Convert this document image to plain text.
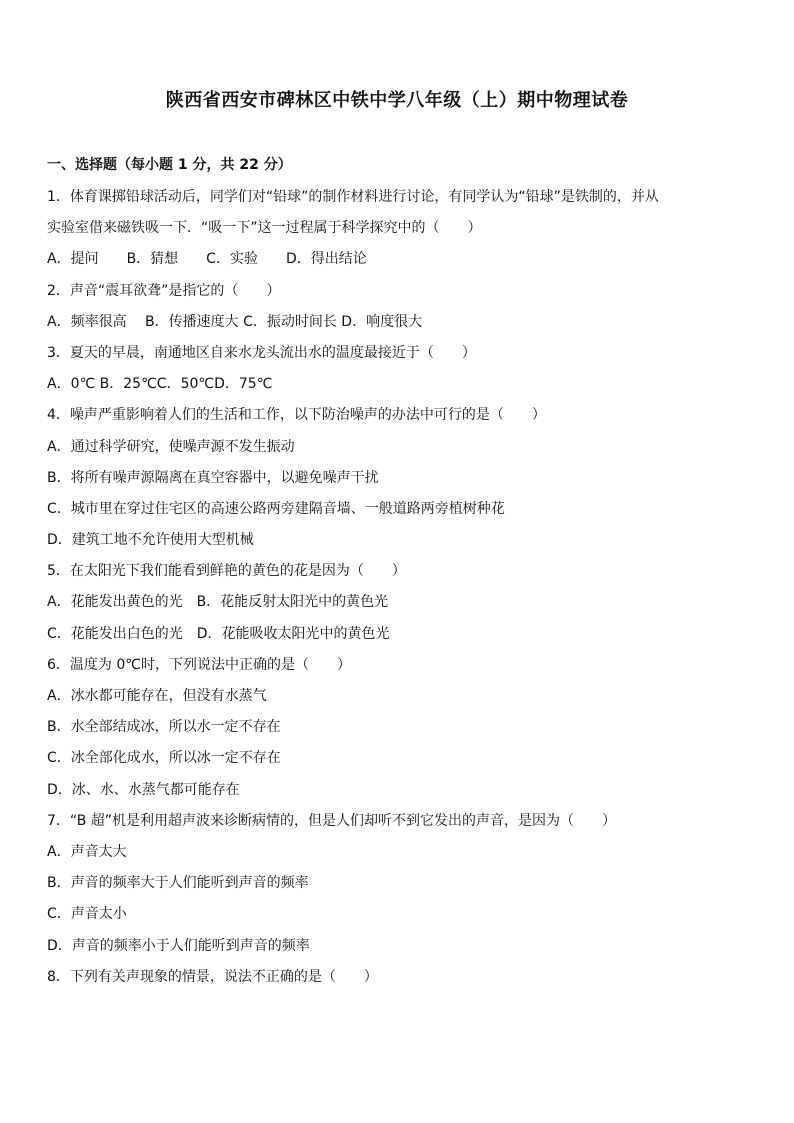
陕西省西安市碑林区中铁中学八年级（上）期中物理试卷
一、选择题（每小题 1 分，共 22 分）
1．体育课掷铅球活动后，同学们对“铅球”的制作材料进行讨论，有同学认为“铅球”是铁制的，并从
实验室借来磁铁吸一下．“吸一下”这一过程属于科学探究中的（　　）
A．提问　　B．猜想　　C．实验　　D．得出结论
2．声音“震耳欲聋”是指它的（　　）
A．频率很高　 B．传播速度大 C．振动时间长 D．响度很大
3．夏天的早晨，南通地区自来水龙头流出水的温度最接近于（　　）
A．0℃ B．25℃C．50℃D．75℃
4．噪声严重影响着人们的生活和工作，以下防治噪声的办法中可行的是（　　）
A．通过科学研究，使噪声源不发生振动
B．将所有噪声源隔离在真空容器中，以避免噪声干扰
C．城市里在穿过住宅区的高速公路两旁建隔音墙、一般道路两旁植树种花
D．建筑工地不允许使用大型机械
5．在太阳光下我们能看到鲜艳的黄色的花是因为（　　）
A．花能发出黄色的光　B．花能反射太阳光中的黄色光
C．花能发出白色的光　D．花能吸收太阳光中的黄色光
6．温度为 0℃时，下列说法中正确的是（　　）
A．冰水都可能存在，但没有水蒸气
B．水全部结成冰，所以水一定不存在
C．冰全部化成水，所以冰一定不存在
D．冰、水、水蒸气都可能存在
7．“B 超”机是利用超声波来诊断病情的，但是人们却听不到它发出的声音，是因为（　　）
A．声音太大
B．声音的频率大于人们能听到声音的频率
C．声音太小
D．声音的频率小于人们能听到声音的频率
8．下列有关声现象的情景，说法不正确的是（　　）
